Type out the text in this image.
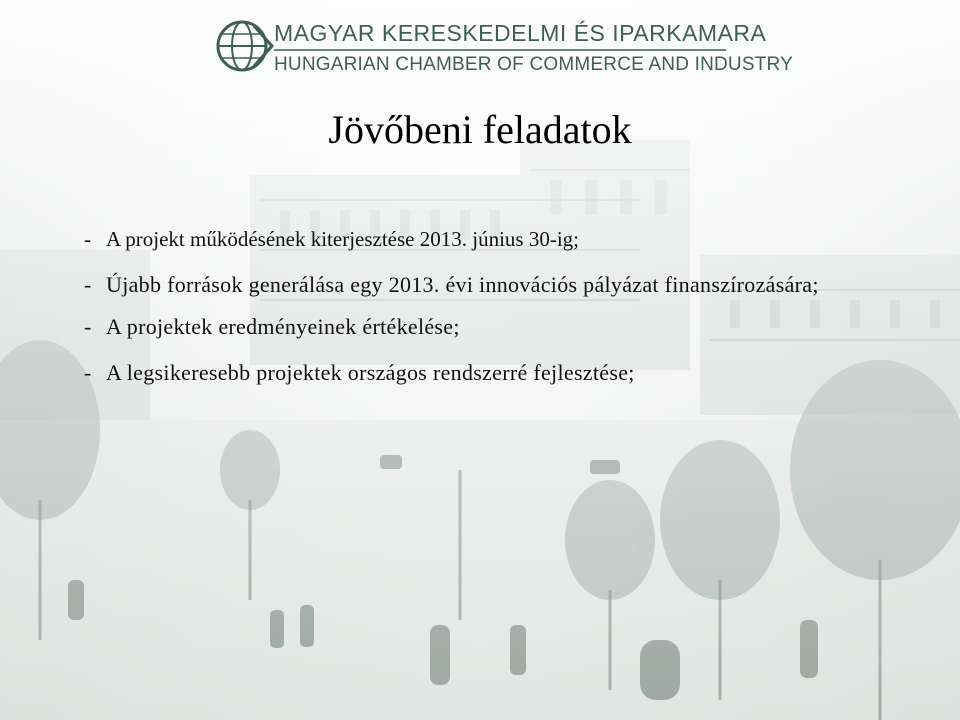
MAGYAR KERESKEDELMI ÉS IPARKAMARA
HUNGARIAN CHAMBER OF COMMERCE AND INDUSTRY
Jövőbeni feladatok
- A projekt működésének kiterjesztése 2013. június 30-ig;
- Újabb források generálása egy 2013. évi innovációs pályázat finanszírozására;
- A projektek eredményeinek értékelése;
- A legsikeresebb projektek országos rendszerré fejlesztése;
